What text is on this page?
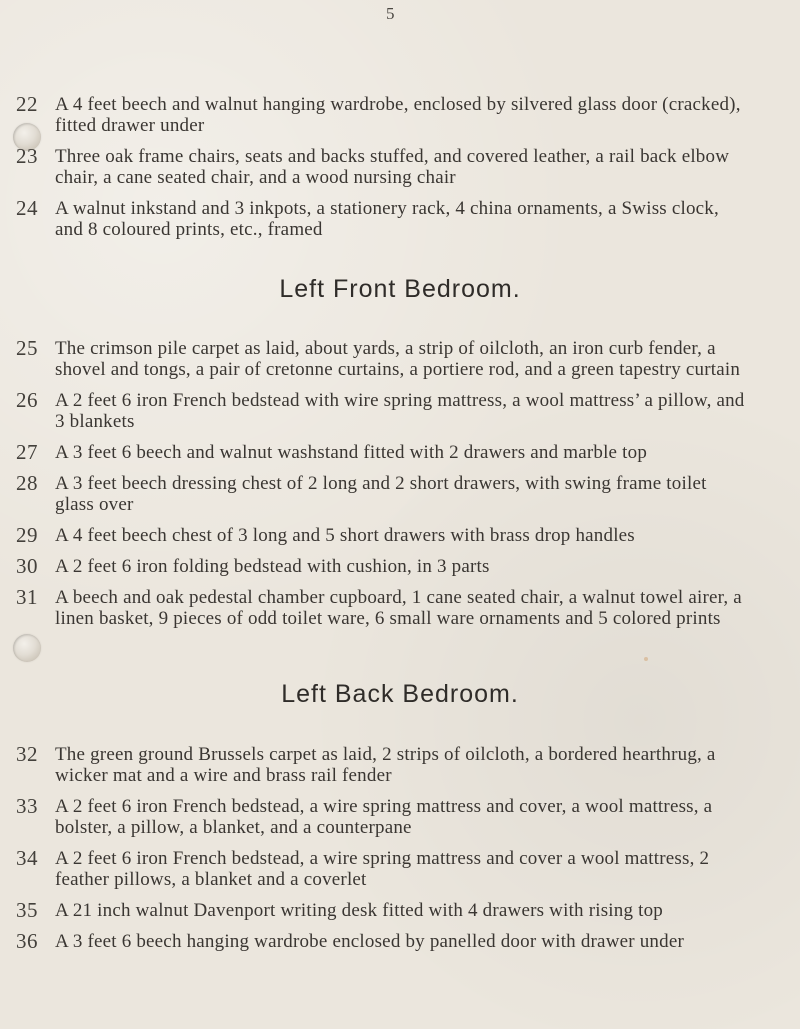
5
22 A 4 feet beech and walnut hanging wardrobe, enclosed by silvered glass door (cracked), fitted drawer under
23 Three oak frame chairs, seats and backs stuffed, and covered leather, a rail back elbow chair, a cane seated chair, and a wood nursing chair
24 A walnut inkstand and 3 inkpots, a stationery rack, 4 china ornaments, a Swiss clock, and 8 coloured prints, etc., framed
Left Front Bedroom.
25 The crimson pile carpet as laid, about yards, a strip of oilcloth, an iron curb fender, a shovel and tongs, a pair of cretonne curtains, a portiere rod, and a green tapestry curtain
26 A 2 feet 6 iron French bedstead with wire spring mattress, a wool mattress’ a pillow, and 3 blankets
27 A 3 feet 6 beech and walnut washstand fitted with 2 drawers and marble top
28 A 3 feet beech dressing chest of 2 long and 2 short drawers, with swing frame toilet glass over
29 A 4 feet beech chest of 3 long and 5 short drawers with brass drop handles
30 A 2 feet 6 iron folding bedstead with cushion, in 3 parts
31 A beech and oak pedestal chamber cupboard, 1 cane seated chair, a walnut towel airer, a linen basket, 9 pieces of odd toilet ware, 6 small ware ornaments and 5 colored prints
Left Back Bedroom.
32 The green ground Brussels carpet as laid, 2 strips of oilcloth, a bordered hearthrug, a wicker mat and a wire and brass rail fender
33 A 2 feet 6 iron French bedstead, a wire spring mattress and cover, a wool mattress, a bolster, a pillow, a blanket, and a counterpane
34 A 2 feet 6 iron French bedstead, a wire spring mattress and cover a wool mattress, 2 feather pillows, a blanket and a coverlet
35 A 21 inch walnut Davenport writing desk fitted with 4 drawers with rising top
36 A 3 feet 6 beech hanging wardrobe enclosed by panelled door with drawer under
